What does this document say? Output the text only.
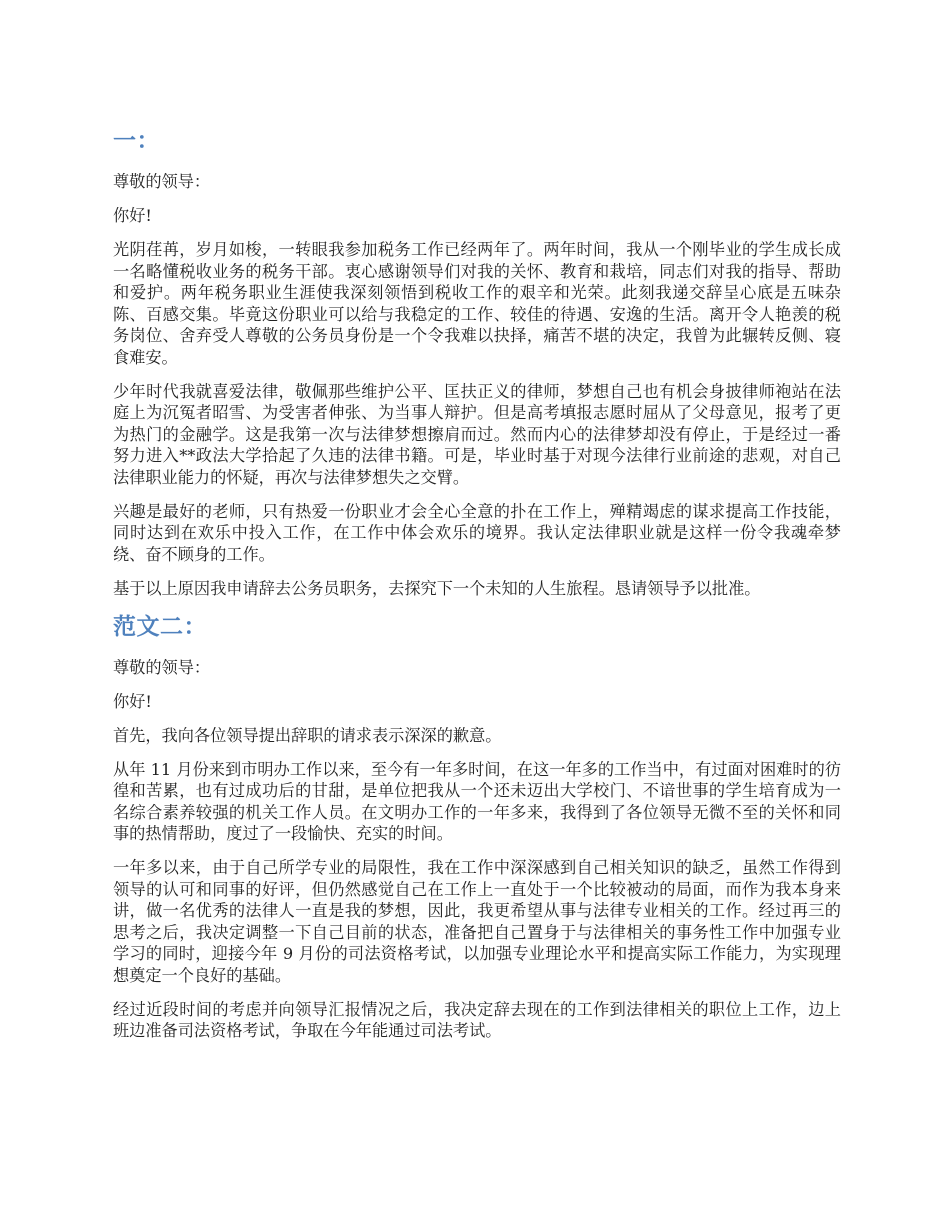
一：

尊敬的领导：

你好!

光阴荏苒，岁月如梭，一转眼我参加税务工作已经两年了。两年时间，我从一个刚毕业的学生成长成一名略懂税收业务的税务干部。衷心感谢领导们对我的关怀、教育和栽培，同志们对我的指导、帮助和爱护。两年税务职业生涯使我深刻领悟到税收工作的艰辛和光荣。此刻我递交辞呈心底是五味杂陈、百感交集。毕竟这份职业可以给与我稳定的工作、较佳的待遇、安逸的生活。离开令人艳羡的税务岗位、舍弃受人尊敬的公务员身份是一个令我难以抉择，痛苦不堪的决定，我曾为此辗转反侧、寝食难安。

少年时代我就喜爱法律，敬佩那些维护公平、匡扶正义的律师，梦想自己也有机会身披律师袍站在法庭上为沉冤者昭雪、为受害者伸张、为当事人辩护。但是高考填报志愿时屈从了父母意见，报考了更为热门的金融学。这是我第一次与法律梦想擦肩而过。然而内心的法律梦却没有停止，于是经过一番努力进入**政法大学拾起了久违的法律书籍。可是，毕业时基于对现今法律行业前途的悲观，对自己法律职业能力的怀疑，再次与法律梦想失之交臂。

兴趣是最好的老师，只有热爱一份职业才会全心全意的扑在工作上，殚精竭虑的谋求提高工作技能，同时达到在欢乐中投入工作，在工作中体会欢乐的境界。我认定法律职业就是这样一份令我魂牵梦绕、奋不顾身的工作。

基于以上原因我申请辞去公务员职务，去探究下一个未知的人生旅程。恳请领导予以批准。

范文二：

尊敬的领导：

你好!

首先，我向各位领导提出辞职的请求表示深深的歉意。

从年 11 月份来到市明办工作以来，至今有一年多时间，在这一年多的工作当中，有过面对困难时的彷徨和苦累，也有过成功后的甘甜，是单位把我从一个还未迈出大学校门、不谙世事的学生培育成为一名综合素养较强的机关工作人员。在文明办工作的一年多来，我得到了各位领导无微不至的关怀和同事的热情帮助，度过了一段愉快、充实的时间。

一年多以来，由于自己所学专业的局限性，我在工作中深深感到自己相关知识的缺乏，虽然工作得到领导的认可和同事的好评，但仍然感觉自己在工作上一直处于一个比较被动的局面，而作为我本身来讲，做一名优秀的法律人一直是我的梦想，因此，我更希望从事与法律专业相关的工作。经过再三的思考之后，我决定调整一下自己目前的状态，准备把自己置身于与法律相关的事务性工作中加强专业学习的同时，迎接今年 9 月份的司法资格考试，以加强专业理论水平和提高实际工作能力，为实现理想奠定一个良好的基础。

经过近段时间的考虑并向领导汇报情况之后，我决定辞去现在的工作到法律相关的职位上工作，边上班边准备司法资格考试，争取在今年能通过司法考试。
